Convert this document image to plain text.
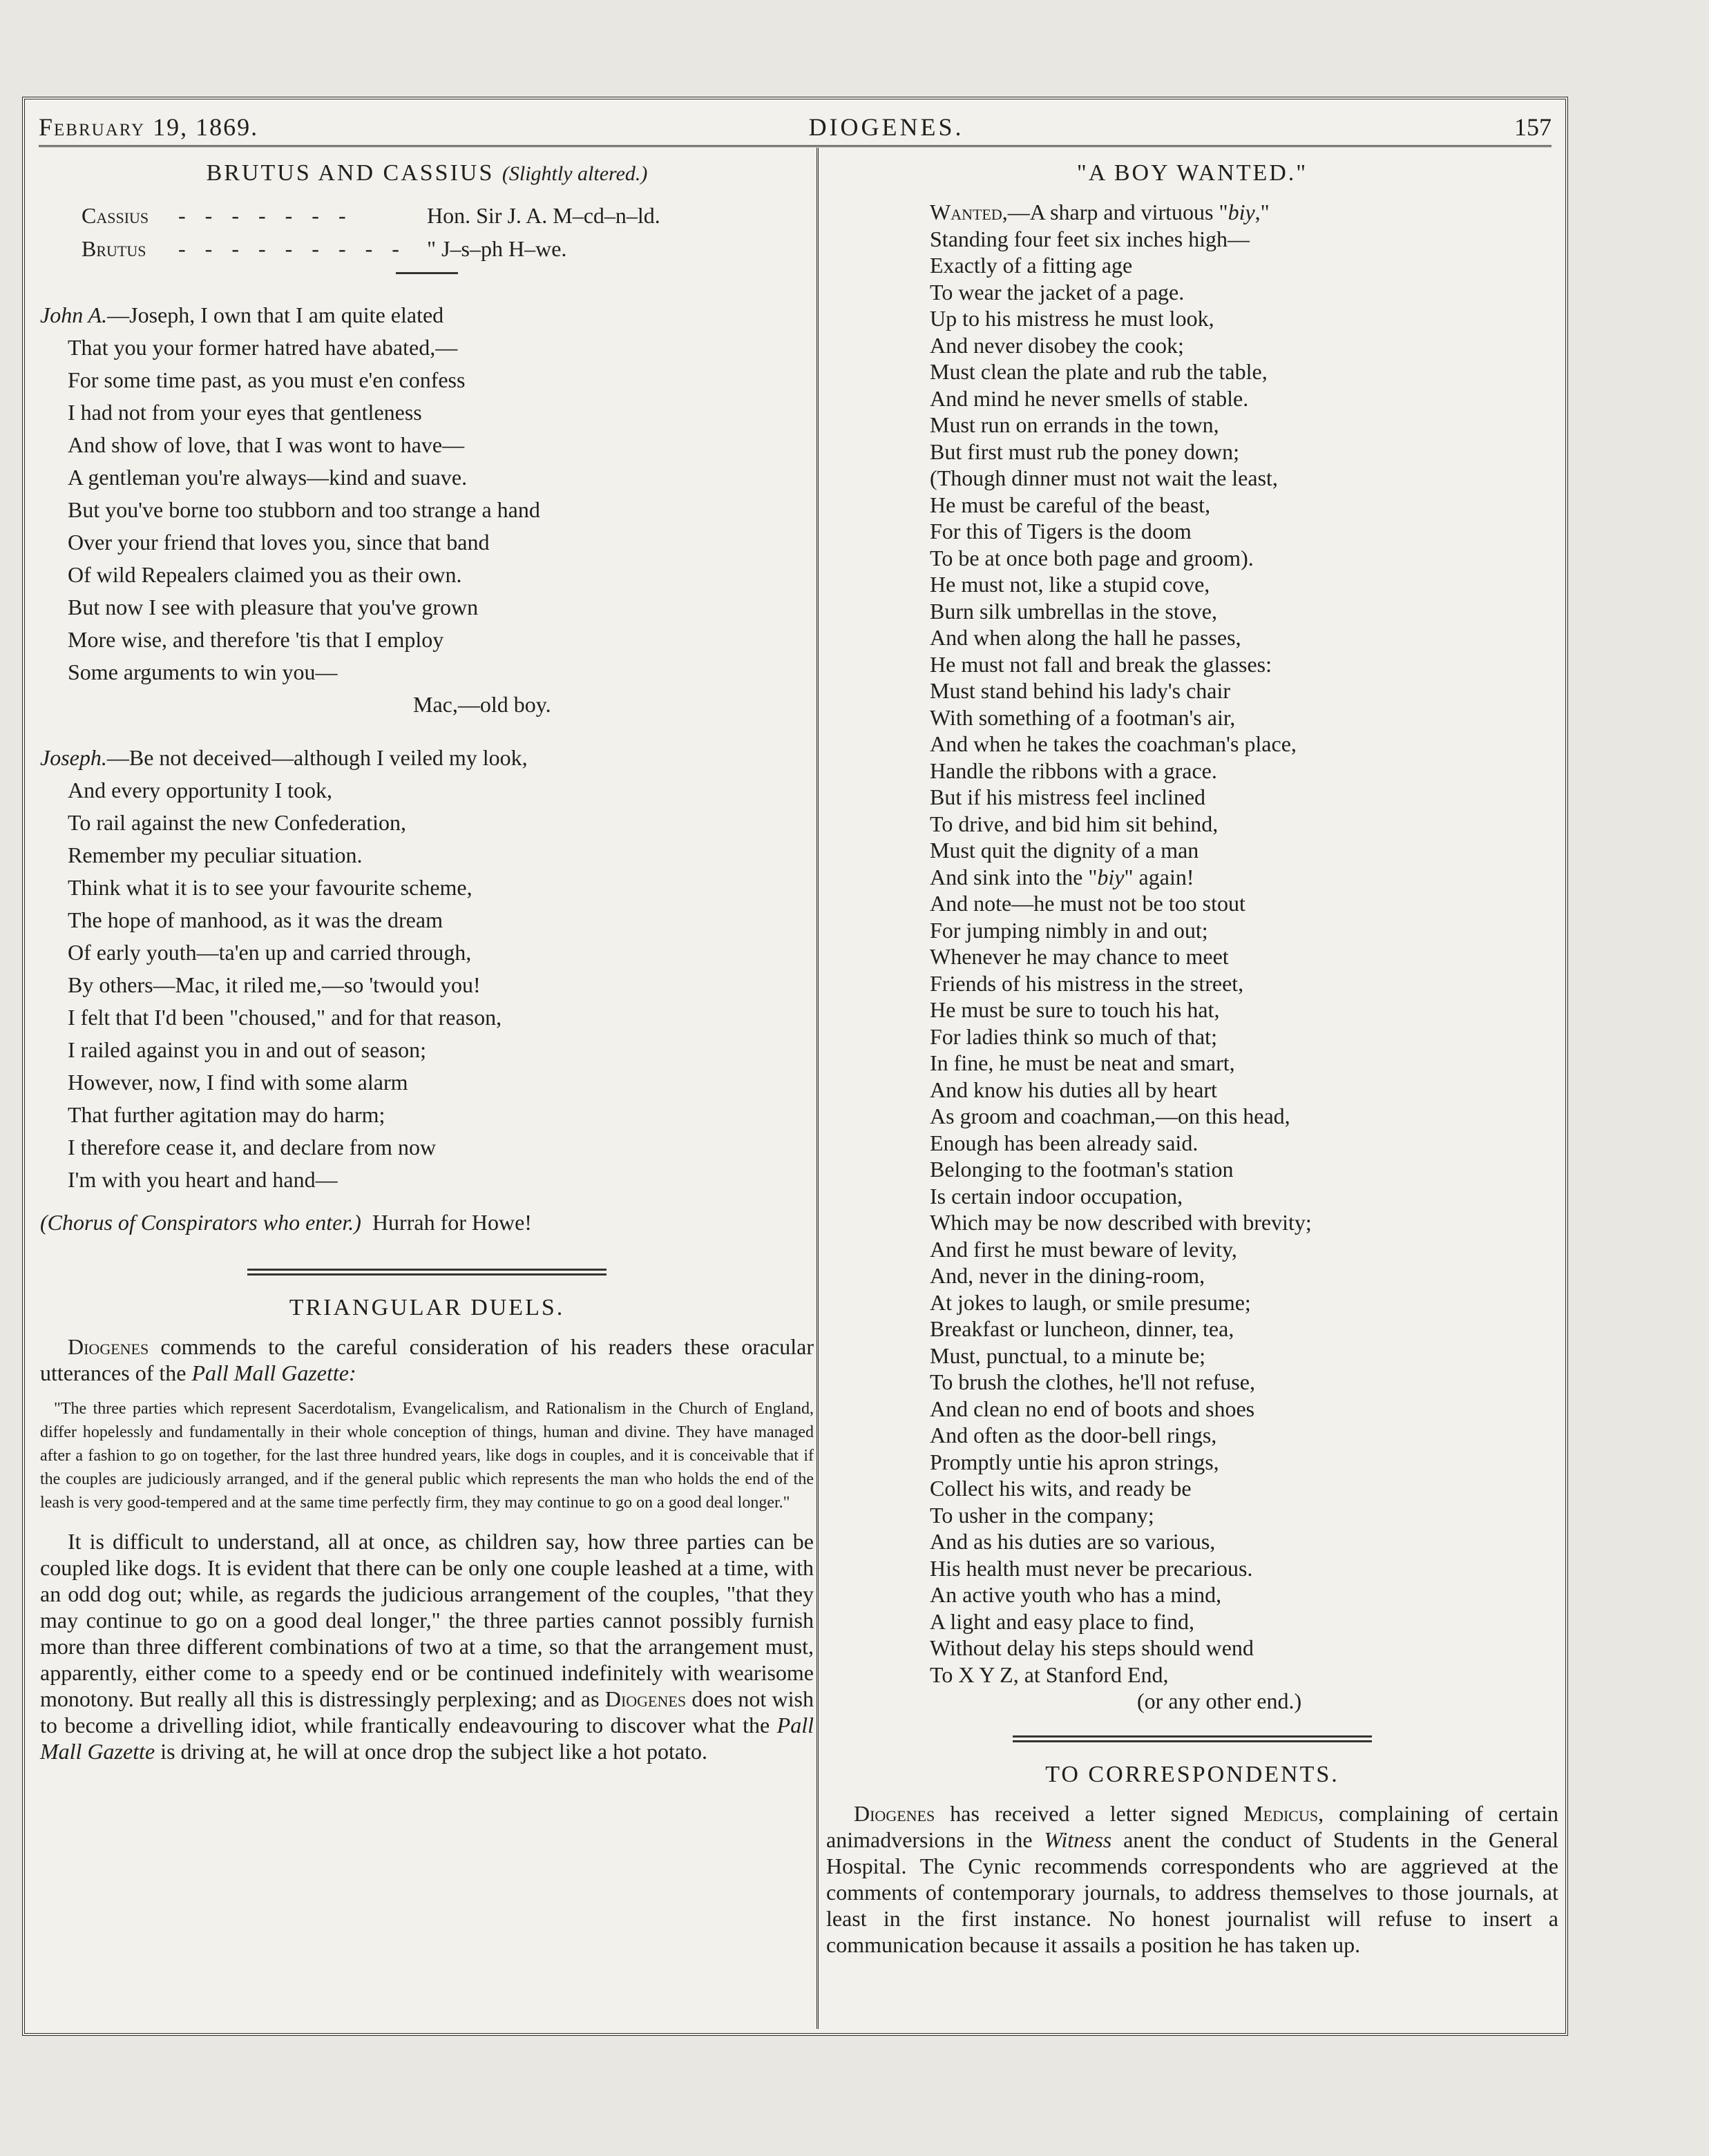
February 19, 1869.	DIOGENES.	157
BRUTUS AND CASSIUS (Slightly altered.)
Cassius - - - - - - -	Hon. Sir J. A. M–cd–n–ld.
Brutus - - - - - - - - - " J–s–ph H–we.
John A.—Joseph, I own that I am quite elated
That you your former hatred have abated,—
For some time past, as you must e'en confess
I had not from your eyes that gentleness
And show of love, that I was wont to have—
A gentleman you're always—kind and suave.
But you've borne too stubborn and too strange a hand
Over your friend that loves you, since that band
Of wild Repealers claimed you as their own.
But now I see with pleasure that you've grown
More wise, and therefore 'tis that I employ
Some arguments to win you—
Mac,—old boy.
Joseph.—Be not deceived—although I veiled my look,
And every opportunity I took,
To rail against the new Confederation,
Remember my peculiar situation.
Think what it is to see your favourite scheme,
The hope of manhood, as it was the dream
Of early youth—ta'en up and carried through,
By others—Mac, it riled me,—so 'twould you!
I felt that I'd been "choused," and for that reason,
I railed against you in and out of season;
However, now, I find with some alarm
That further agitation may do harm;
I therefore cease it, and declare from now
I'm with you heart and hand—
(Chorus of Conspirators who enter.) Hurrah for Howe!
TRIANGULAR DUELS.

Diogenes commends to the careful consideration of his readers these oracular utterances of the Pall Mall Gazette:

"The three parties which represent Sacerdotalism, Evangelicalism, and Rationalism in the Church of England, differ hopelessly and fundamentally in their whole conception of things, human and divine. They have managed after a fashion to go on together, for the last three hundred years, like dogs in couples, and it is conceivable that if the couples are judiciously arranged, and if the general public which represents the man who holds the end of the leash is very good-tempered and at the same time perfectly firm, they may continue to go on a good deal longer."

It is difficult to understand, all at once, as children say, how three parties can be coupled like dogs. It is evident that there can be only one couple leashed at a time, with an odd dog out; while, as regards the judicious arrangement of the couples, "that they may continue to go on a good deal longer," the three parties cannot possibly furnish more than three different combinations of two at a time, so that the arrangement must, apparently, either come to a speedy end or be continued indefinitely with wearisome monotony. But really all this is distressingly perplexing; and as Diogenes does not wish to become a drivelling idiot, while frantically endeavouring to discover what the Pall Mall Gazette is driving at, he will at once drop the subject like a hot potato.

"A BOY WANTED."
Wanted,—A sharp and virtuous "biy,"
Standing four feet six inches high—
Exactly of a fitting age
To wear the jacket of a page.
Up to his mistress he must look,
And never disobey the cook;
Must clean the plate and rub the table,
And mind he never smells of stable.
Must run on errands in the town,
But first must rub the poney down;
(Though dinner must not wait the least,
He must be careful of the beast,
For this of Tigers is the doom
To be at once both page and groom).
He must not, like a stupid cove,
Burn silk umbrellas in the stove,
And when along the hall he passes,
He must not fall and break the glasses:
Must stand behind his lady's chair
With something of a footman's air,
And when he takes the coachman's place,
Handle the ribbons with a grace.
But if his mistress feel inclined
To drive, and bid him sit behind,
Must quit the dignity of a man
And sink into the "biy" again!
And note—he must not be too stout
For jumping nimbly in and out;
Whenever he may chance to meet
Friends of his mistress in the street,
He must be sure to touch his hat,
For ladies think so much of that;
In fine, he must be neat and smart,
And know his duties all by heart
As groom and coachman,—on this head,
Enough has been already said.
Belonging to the footman's station
Is certain indoor occupation,
Which may be now described with brevity;
And first he must beware of levity,
And, never in the dining-room,
At jokes to laugh, or smile presume;
Breakfast or luncheon, dinner, tea,
Must, punctual, to a minute be;
To brush the clothes, he'll not refuse,
And clean no end of boots and shoes
And often as the door-bell rings,
Promptly untie his apron strings,
Collect his wits, and ready be
To usher in the company;
And as his duties are so various,
His health must never be precarious.
An active youth who has a mind,
A light and easy place to find,
Without delay his steps should wend
To X Y Z, at Stanford End,
(or any other end.)
TO CORRESPONDENTS.

Diogenes has received a letter signed Medicus, complaining of certain animadversions in the Witness anent the conduct of Students in the General Hospital. The Cynic recommends correspondents who are aggrieved at the comments of contemporary journals, to address themselves to those journals, at least in the first instance. No honest journalist will refuse to insert a communication because it assails a position he has taken up.
